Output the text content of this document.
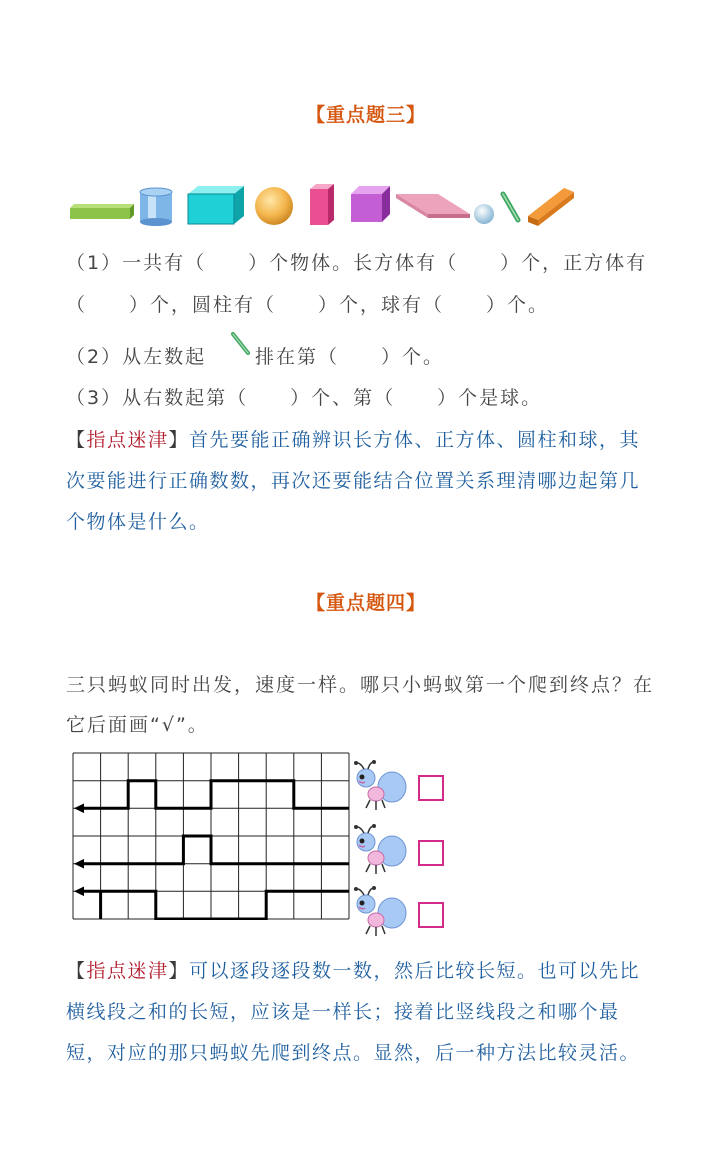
【重点题三】
（1）一共有（　　）个物体。长方体有（　　）个，正方体有
（　　）个，圆柱有（　　）个，球有（　　）个。
（2）从左数起	排在第（　　）个。
（3）从右数起第（　　）个、第（　　）个是球。
【指点迷津】首先要能正确辨识长方体、正方体、圆柱和球，其
次要能进行正确数数，再次还要能结合位置关系理清哪边起第几
个物体是什么。
【重点题四】
三只蚂蚁同时出发，速度一样。哪只小蚂蚁第一个爬到终点？在
它后面画“√”。
【指点迷津】可以逐段逐段数一数，然后比较长短。也可以先比
横线段之和的长短，应该是一样长；接着比竖线段之和哪个最
短，对应的那只蚂蚁先爬到终点。显然，后一种方法比较灵活。
